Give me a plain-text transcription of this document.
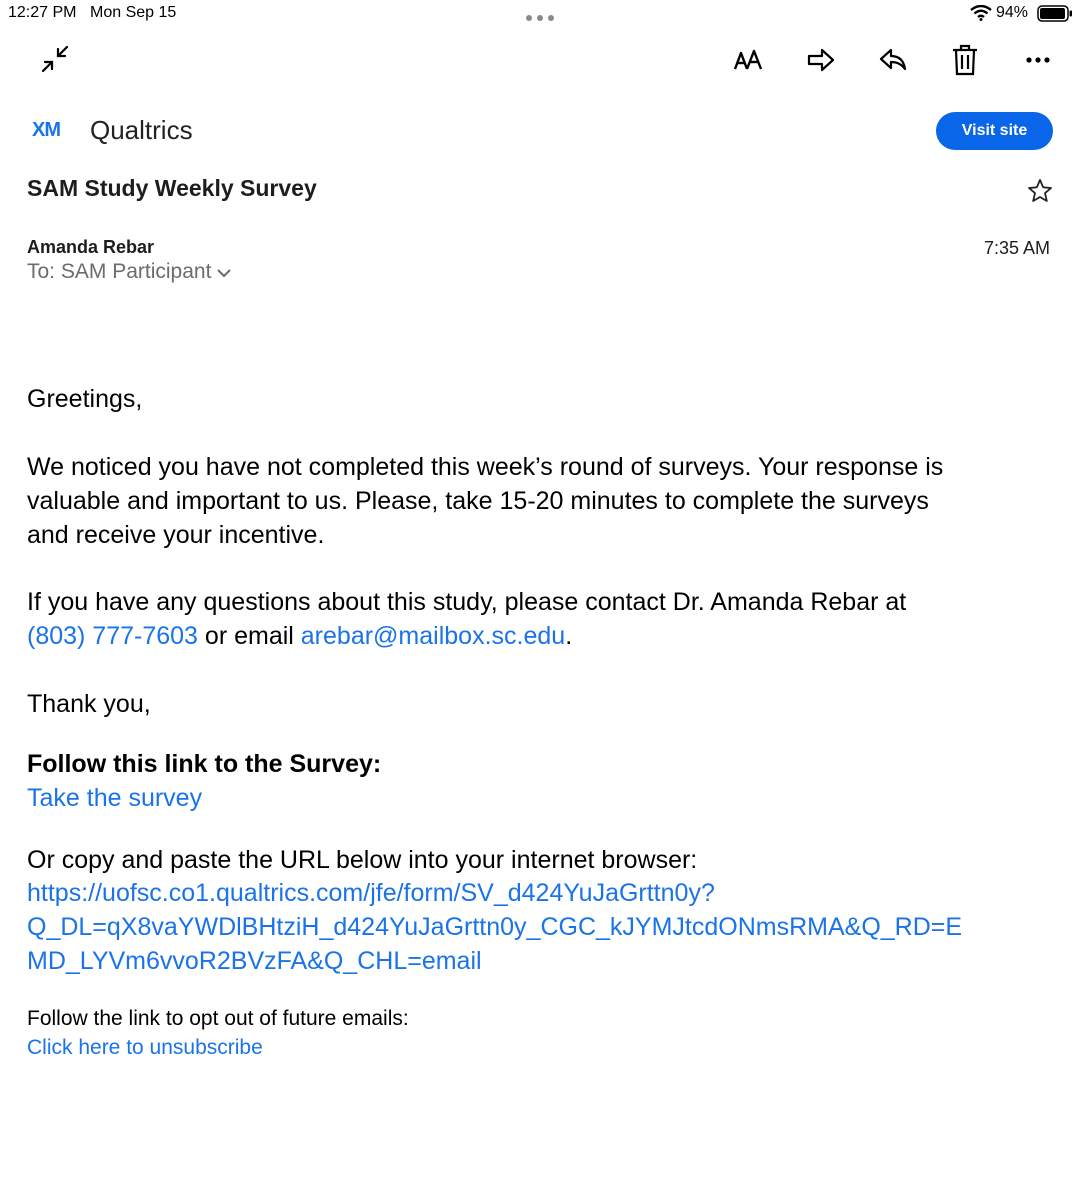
12:27 PM Mon Sep 15	94%
XM Qualtrics	Visit site
SAM Study Weekly Survey
Amanda Rebar
To: SAM Participant
7:35 AM
Greetings,
We noticed you have not completed this week’s round of surveys. Your response is
valuable and important to us. Please, take 15-20 minutes to complete the surveys
and receive your incentive.
If you have any questions about this study, please contact Dr. Amanda Rebar at
(803) 777-7603 or email arebar@mailbox.sc.edu.
Thank you,
Follow this link to the Survey:
Take the survey
Or copy and paste the URL below into your internet browser:
https://uofsc.co1.qualtrics.com/jfe/form/SV_d424YuJaGrttn0y?
Q_DL=qX8vaYWDlBHtziH_d424YuJaGrttn0y_CGC_kJYMJtcdONmsRMA&Q_RD=E
MD_LYVm6vvoR2BVzFA&Q_CHL=email
Follow the link to opt out of future emails:
Click here to unsubscribe
